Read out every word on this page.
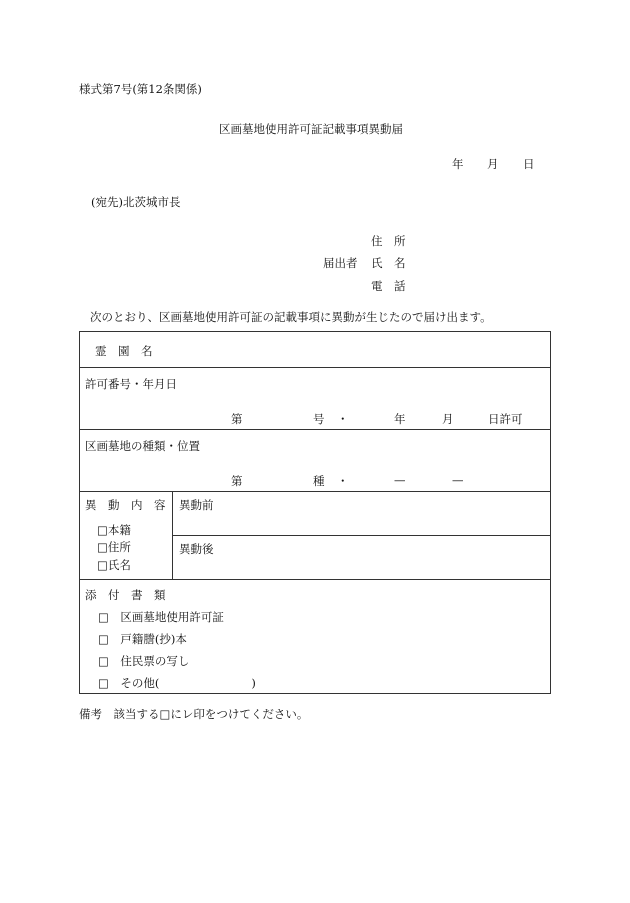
様式第7号(第12条関係)
区画墓地使用許可証記載事項異動届
年 月 日
(宛先)北茨城市長
住　所
届出者 氏　名
電　話
次のとおり、区画墓地使用許可証の記載事項に異動が生じたので届け出ます。
霊　園　名
許可番号・年月日
第	号 ・	年	月	日許可
区画墓地の種類・位置
第	種 ・	—	—
異　動　内　容
□本籍
□住所
□氏名
異動前
異動後
添　付　書　類
□　区画墓地使用許可証
□　戸籍謄(抄)本
□　住民票の写し
□　その他(　　　　　　　　)
備考　該当する□にレ印をつけてください。
